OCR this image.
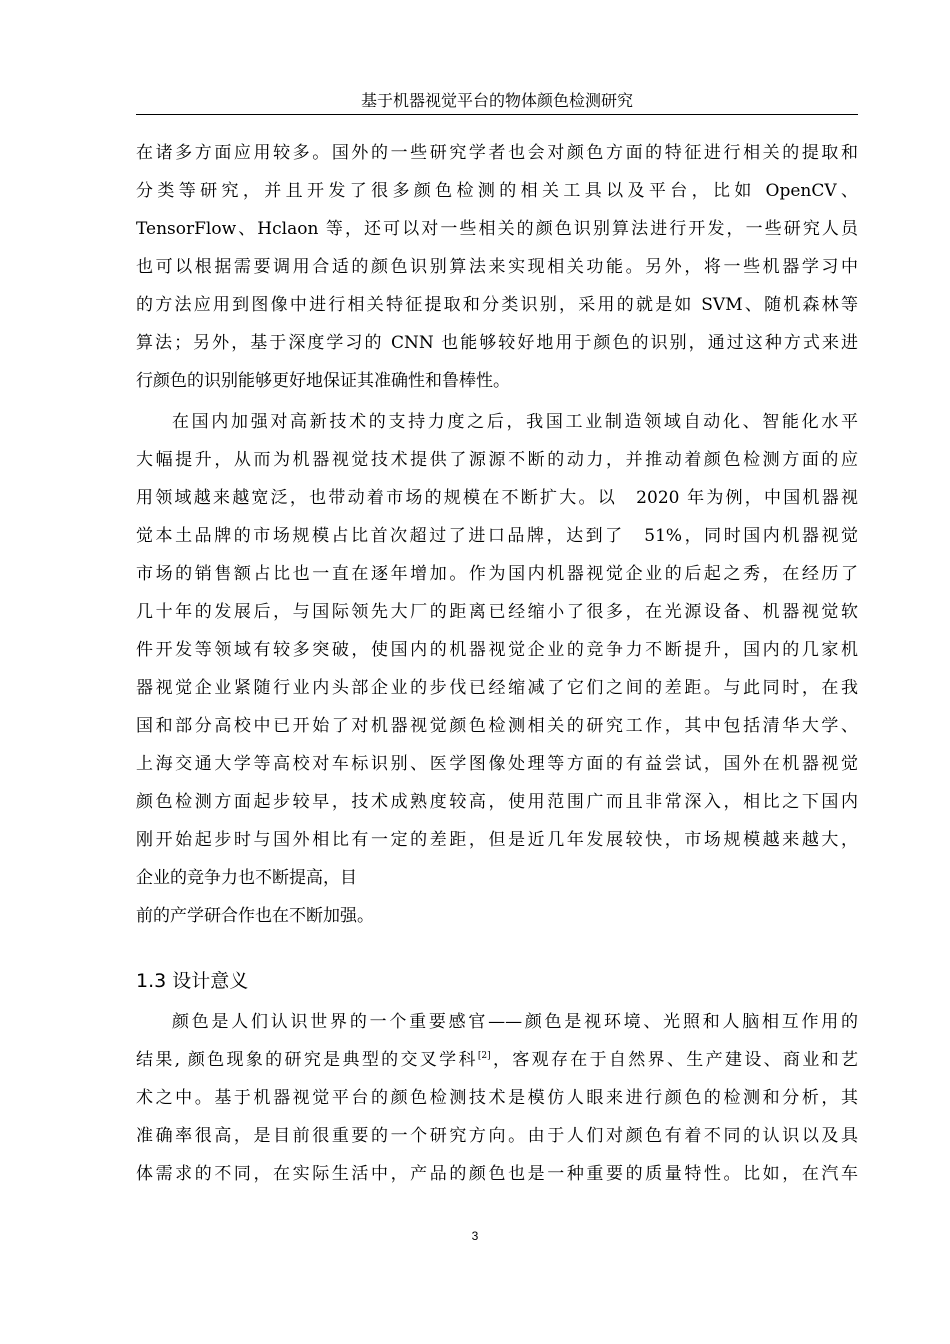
基于机器视觉平台的物体颜色检测研究
在诸多方面应用较多。国外的一些研究学者也会对颜色方面的特征进行相关的提取和
分类等研究，并且开发了很多颜色检测的相关工具以及平台，比如 OpenCV、
TensorFlow、Hclaon 等，还可以对一些相关的颜色识别算法进行开发，一些研究人员
也可以根据需要调用合适的颜色识别算法来实现相关功能。另外，将一些机器学习中
的方法应用到图像中进行相关特征提取和分类识别，采用的就是如 SVM、随机森林等
算法；另外，基于深度学习的 CNN 也能够较好地用于颜色的识别，通过这种方式来进
行颜色的识别能够更好地保证其准确性和鲁棒性。
在国内加强对高新技术的支持力度之后，我国工业制造领域自动化、智能化水平
大幅提升，从而为机器视觉技术提供了源源不断的动力，并推动着颜色检测方面的应
用领域越来越宽泛，也带动着市场的规模在不断扩大。以　2020 年为例，中国机器视
觉本土品牌的市场规模占比首次超过了进口品牌，达到了　51%，同时国内机器视觉
市场的销售额占比也一直在逐年增加。作为国内机器视觉企业的后起之秀，在经历了
几十年的发展后，与国际领先大厂的距离已经缩小了很多，在光源设备、机器视觉软
件开发等领域有较多突破，使国内的机器视觉企业的竞争力不断提升，国内的几家机
器视觉企业紧随行业内头部企业的步伐已经缩减了它们之间的差距。与此同时，在我
国和部分高校中已开始了对机器视觉颜色检测相关的研究工作，其中包括清华大学、
上海交通大学等高校对车标识别、医学图像处理等方面的有益尝试，国外在机器视觉
颜色检测方面起步较早，技术成熟度较高，使用范围广而且非常深入，相比之下国内
刚开始起步时与国外相比有一定的差距，但是近几年发展较快，市场规模越来越大，
企业的竞争力也不断提高，目
前的产学研合作也在不断加强。
1.3 设计意义
颜色是人们认识世界的一个重要感官——颜色是视环境、光照和人脑相互作用的
结果, 颜色现象的研究是典型的交叉学科[2]，客观存在于自然界、生产建设、商业和艺
术之中。基于机器视觉平台的颜色检测技术是模仿人眼来进行颜色的检测和分析，其
准确率很高，是目前很重要的一个研究方向。由于人们对颜色有着不同的认识以及具
体需求的不同，在实际生活中，产品的颜色也是一种重要的质量特性。比如，在汽车
3
